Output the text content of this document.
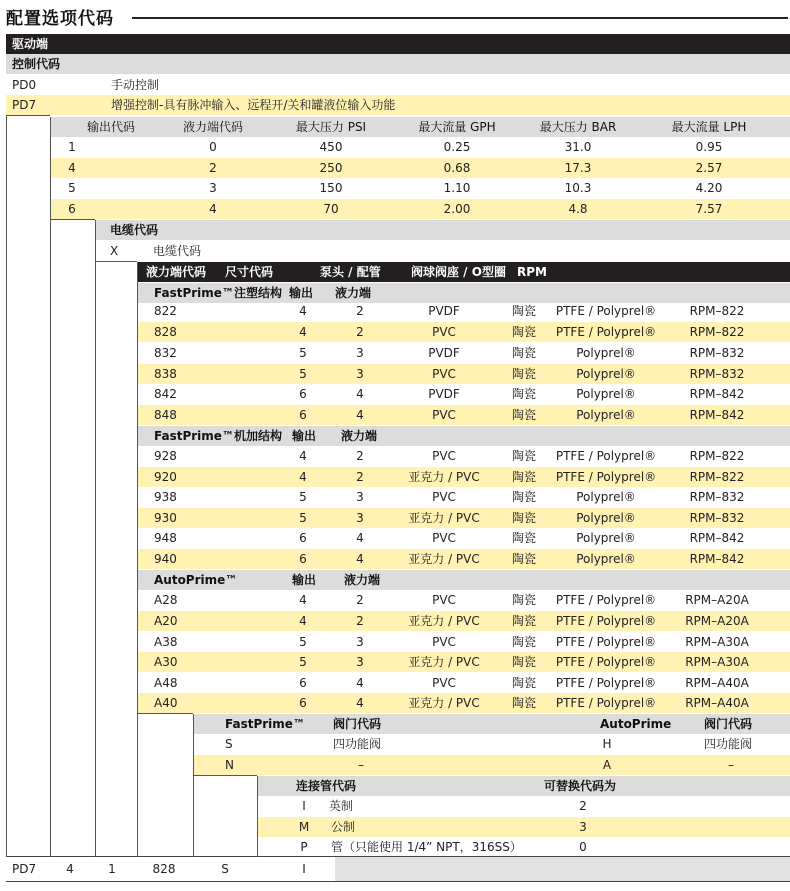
配置选项代码
驱动端
控制代码
PD0	手动控制
PD7	增强控制-具有脉冲输入、远程开/关和罐液位输入功能
输出代码	液力端代码	最大压力 PSI	最大流量 GPH	最大压力 BAR	最大流量 LPH
1	0	450	0.25	31.0	0.95
4	2	250	0.68	17.3	2.57
5	3	150	1.10	10.3	4.20
6	4	70	2.00	4.8	7.57
电缆代码
X	电缆代码
液力端代码 尺寸代码	泵头 / 配管	阀球阀座 / O型圈 RPM
FastPrime™注塑结构 输出 液力端
822	4	2	PVDF	陶瓷 PTFE / Polyprel®	RPM–822
828	4	2	PVC	陶瓷 PTFE / Polyprel®	RPM–822
832	5	3	PVDF	陶瓷	Polyprel®	RPM–832
838	5	3	PVC	陶瓷	Polyprel®	RPM–832
842	6	4	PVDF	陶瓷	Polyprel®	RPM–842
848	6	4	PVC	陶瓷	Polyprel®	RPM–842
FastPrime™机加结构 输出 液力端
928	4	2	PVC	陶瓷 PTFE / Polyprel®	RPM–822
920	4	2	亚克力 / PVC	陶瓷 PTFE / Polyprel®	RPM–822
938	5	3	PVC	陶瓷	Polyprel®	RPM–832
930	5	3	亚克力 / PVC	陶瓷	Polyprel®	RPM–832
948	6	4	PVC	陶瓷	Polyprel®	RPM–842
940	6	4	亚克力 / PVC	陶瓷	Polyprel®	RPM–842
AutoPrime™	输出 液力端
A28	4	2	PVC	陶瓷 PTFE / Polyprel® RPM–A20A
A20	4	2	亚克力 / PVC	陶瓷 PTFE / Polyprel® RPM–A20A
A38	5	3	PVC	陶瓷 PTFE / Polyprel® RPM–A30A
A30	5	3	亚克力 / PVC	陶瓷 PTFE / Polyprel® RPM–A30A
A48	6	4	PVC	陶瓷 PTFE / Polyprel® RPM–A40A
A40	6	4	亚克力 / PVC	陶瓷 PTFE / Polyprel® RPM–A40A
FastPrime™ 阀门代码	AutoPrime	阀门代码
S	四功能阀	H	四功能阀
N	–	A	–
连接管代码	可替换代码为
I 英制	2
M 公制	3
P 管（只能使用 1/4” NPT，316SS）	0
PD7	4	1	828	S	I
